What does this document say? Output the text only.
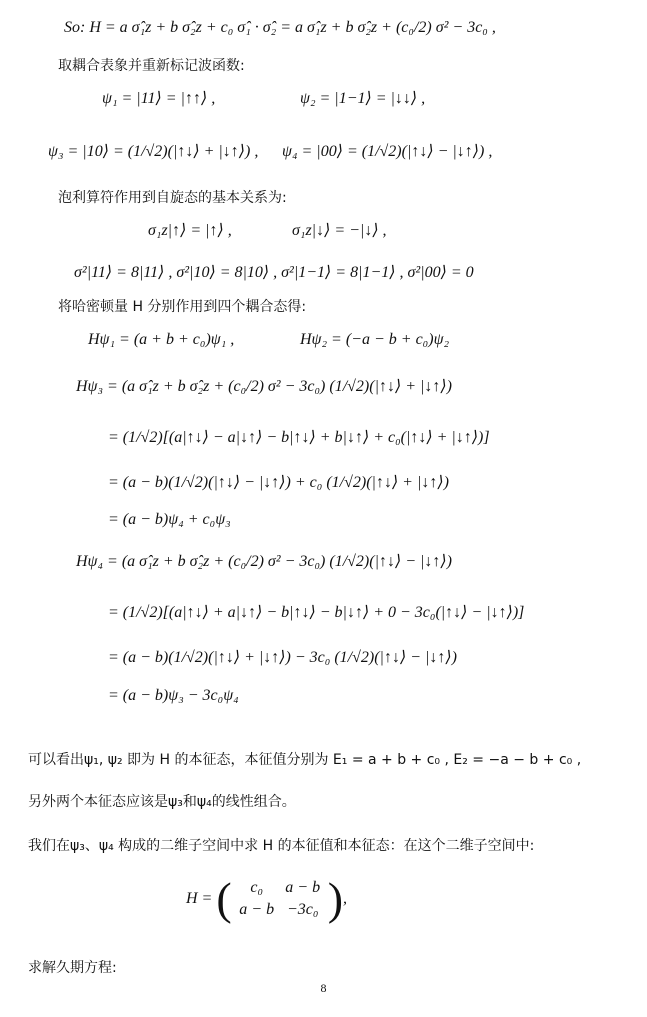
So: H = a σ̂₁z + b σ̂₂z + c₀ σ̂₁ · σ̂₂ = a σ̂₁z + b σ̂₂z + (c₀/2) σ² − 3c₀ ,
取耦合表象并重新标记波函数:
ψ₁ = |11⟩ = |↑↑⟩ ,	ψ₂ = |1−1⟩ = |↓↓⟩ ,
ψ₃ = |10⟩ = (1/√2)(|↑↓⟩ + |↓↑⟩) , ψ₄ = |00⟩ = (1/√2)(|↑↓⟩ − |↓↑⟩) ,
泡利算符作用到自旋态的基本关系为:
σ₁z|↑⟩ = |↑⟩ ,	σ₁z|↓⟩ = −|↓⟩ ,
σ²|11⟩ = 8|11⟩ , σ²|10⟩ = 8|10⟩ , σ²|1−1⟩ = 8|1−1⟩ , σ²|00⟩ = 0
将哈密顿量 H 分别作用到四个耦合态得:
Hψ₁ = (a + b + c₀)ψ₁ ,	Hψ₂ = (−a − b + c₀)ψ₂
Hψ₃ = (a σ̂₁z + b σ̂₂z + (c₀/2) σ² − 3c₀) (1/√2)(|↑↓⟩ + |↓↑⟩)
= (1/√2)[(a|↑↓⟩ − a|↓↑⟩ − b|↑↓⟩ + b|↓↑⟩ + c₀(|↑↓⟩ + |↓↑⟩)]
= (a − b)(1/√2)(|↑↓⟩ − |↓↑⟩) + c₀ (1/√2)(|↑↓⟩ + |↓↑⟩)
= (a − b)ψ₄ + c₀ψ₃
Hψ₄ = (a σ̂₁z + b σ̂₂z + (c₀/2) σ² − 3c₀) (1/√2)(|↑↓⟩ − |↓↑⟩)
= (1/√2)[(a|↑↓⟩ + a|↓↑⟩ − b|↑↓⟩ − b|↓↑⟩ + 0 − 3c₀(|↑↓⟩ − |↓↑⟩)]
= (a − b)(1/√2)(|↑↓⟩ + |↓↑⟩) − 3c₀ (1/√2)(|↑↓⟩ − |↓↑⟩)
= (a − b)ψ₃ − 3c₀ψ₄
可以看出ψ₁, ψ₂ 即为 H 的本征态，本征值分别为 E₁ = a + b + c₀ , E₂ = −a − b + c₀ ,
另外两个本征态应该是ψ₃和ψ₄的线性组合。
我们在ψ₃、ψ₄ 构成的二维子空间中求 H 的本征值和本征态：在这个二维子空间中:
H = (	c₀	a − b
a − b −3c₀ ) ,
求解久期方程:
8
